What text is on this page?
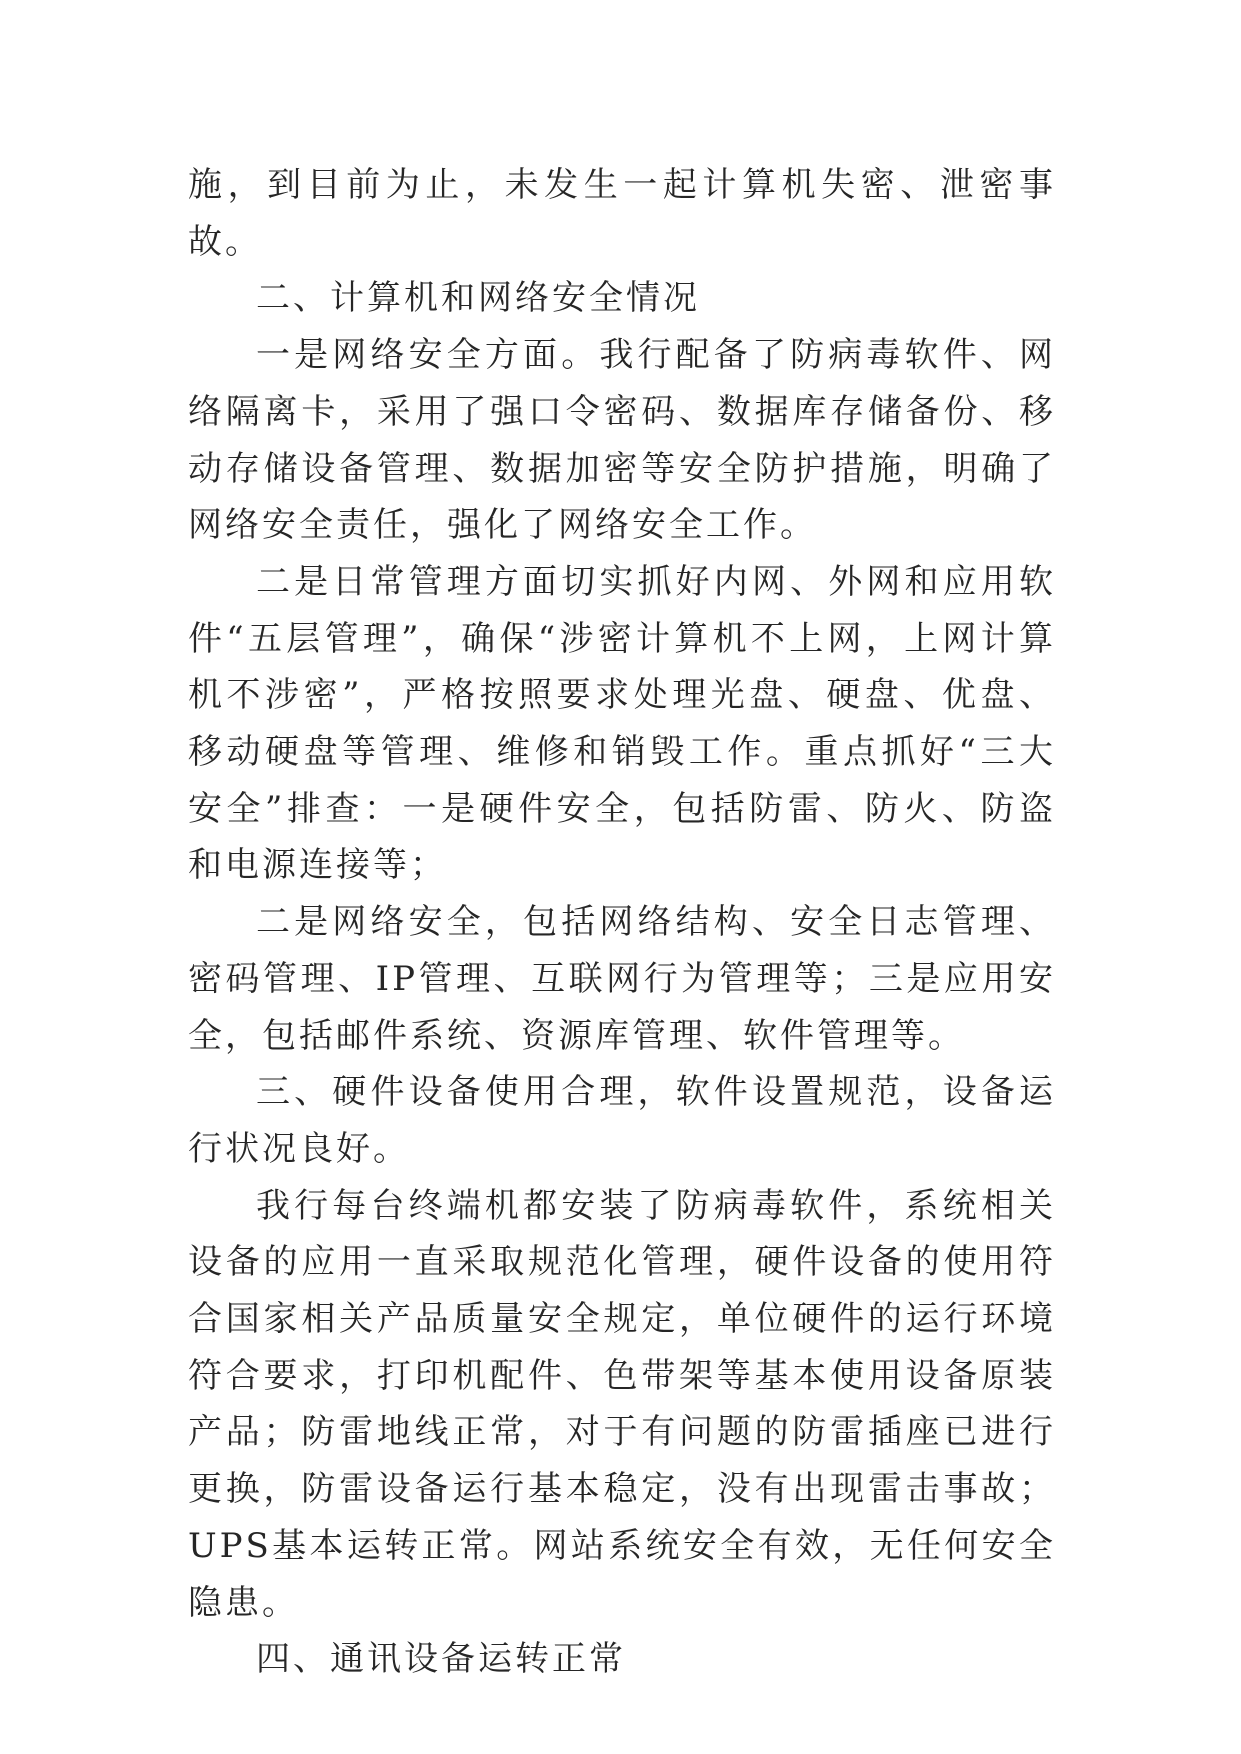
施，到目前为止，未发生一起计算机失密、泄密事故。

二、计算机和网络安全情况

一是网络安全方面。我行配备了防病毒软件、网络隔离卡，采用了强口令密码、数据库存储备份、移动存储设备管理、数据加密等安全防护措施，明确了网络安全责任，强化了网络安全工作。

二是日常管理方面切实抓好内网、外网和应用软件“五层管理”，确保“涉密计算机不上网，上网计算机不涉密”，严格按照要求处理光盘、硬盘、优盘、移动硬盘等管理、维修和销毁工作。重点抓好“三大安全”排查：一是硬件安全，包括防雷、防火、防盗和电源连接等；

二是网络安全，包括网络结构、安全日志管理、密码管理、IP管理、互联网行为管理等；三是应用安全，包括邮件系统、资源库管理、软件管理等。

三、硬件设备使用合理，软件设置规范，设备运行状况良好。

我行每台终端机都安装了防病毒软件，系统相关设备的应用一直采取规范化管理，硬件设备的使用符合国家相关产品质量安全规定，单位硬件的运行环境符合要求，打印机配件、色带架等基本使用设备原装产品；防雷地线正常，对于有问题的防雷插座已进行更换，防雷设备运行基本稳定，没有出现雷击事故；UPS基本运转正常。网站系统安全有效，无任何安全隐患。

四、通讯设备运转正常
